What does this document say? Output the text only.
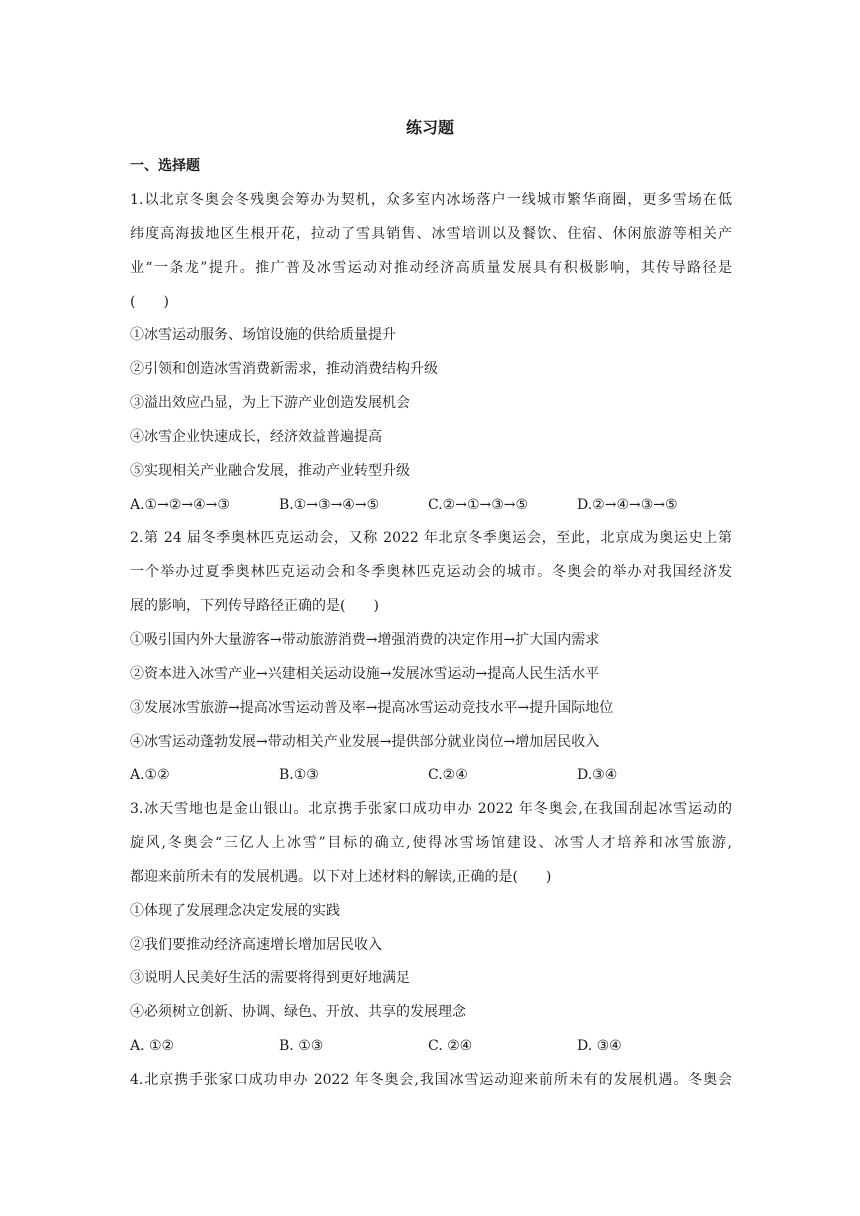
练习题
一、选择题
1.以北京冬奥会冬残奥会筹办为契机，众多室内冰场落户一线城市繁华商圈，更多雪场在低
纬度高海拔地区生根开花，拉动了雪具销售、冰雪培训以及餐饮、住宿、休闲旅游等相关产
业“一条龙”提升。推广普及冰雪运动对推动经济高质量发展具有积极影响，其传导路径是
(　　)
①冰雪运动服务、场馆设施的供给质量提升
②引领和创造冰雪消费新需求，推动消费结构升级
③溢出效应凸显，为上下游产业创造发展机会
④冰雪企业快速成长，经济效益普遍提高
⑤实现相关产业融合发展，推动产业转型升级
A.①→②→④→③	B.①→③→④→⑤	C.②→①→③→⑤	D.②→④→③→⑤
2.第 24 届冬季奥林匹克运动会，又称 2022 年北京冬季奥运会，至此，北京成为奥运史上第
一个举办过夏季奥林匹克运动会和冬季奥林匹克运动会的城市。冬奥会的举办对我国经济发
展的影响，下列传导路径正确的是(　　)
①吸引国内外大量游客→带动旅游消费→增强消费的决定作用→扩大国内需求
②资本进入冰雪产业→兴建相关运动设施→发展冰雪运动→提高人民生活水平
③发展冰雪旅游→提高冰雪运动普及率→提高冰雪运动竞技水平→提升国际地位
④冰雪运动蓬勃发展→带动相关产业发展→提供部分就业岗位→增加居民收入
A.①②	B.①③	C.②④	D.③④
3.冰天雪地也是金山银山。北京携手张家口成功申办 2022 年冬奥会,在我国刮起冰雪运动的
旋风,冬奥会“三亿人上冰雪”目标的确立,使得冰雪场馆建设、冰雪人才培养和冰雪旅游,
都迎来前所未有的发展机遇。以下对上述材料的解读,正确的是(　　)
①体现了发展理念决定发展的实践
②我们要推动经济高速增长增加居民收入
③说明人民美好生活的需要将得到更好地满足
④必须树立创新、协调、绿色、开放、共享的发展理念
A. ①②	B. ①③	C. ②④	D. ③④
4.北京携手张家口成功申办 2022 年冬奥会,我国冰雪运动迎来前所未有的发展机遇。冬奥会
